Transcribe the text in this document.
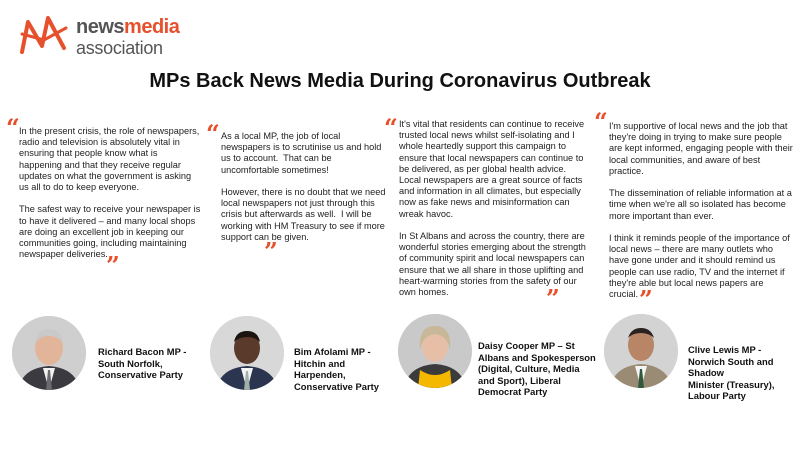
newsmedia
association
MPs Back News Media During Coronavirus Outbreak
“ In the present crisis, the role of newspapers, radio and television is absolutely vital in ensuring that people know what is happening and that they receive regular updates on what the government is asking us all to do to keep everyone.

The safest way to receive your newspaper is to have it delivered – and many local shops are doing an excellent job in keeping our communities going, including maintaining newspaper deliveries.
”
“ As a local MP, the job of local newspapers is to scrutinise us and hold us to account.  That can be uncomfortable sometimes!

However, there is no doubt that we need local newspapers not just through this crisis but afterwards as well.  I will be working with HM Treasury to see if more support can be given.
”
“ It's vital that residents can continue to receive trusted local news whilst self-isolating and I whole heartedly support this campaign to ensure that local newspapers can continue to be delivered, as per global health advice. Local newspapers are a great source of facts and information in all climates, but especially now as fake news and misinformation can wreak havoc.

In St Albans and across the country, there are wonderful stories emerging about the strength of community spirit and local newspapers can ensure that we all share in those uplifting and heart-warming stories from the safety of our own homes.	”
“ I'm supportive of local news and the job that they're doing in trying to make sure people are kept informed, engaging people with their local communities, and aware of best practice.

The dissemination of reliable information at a time when we're all so isolated has become more important than ever.

I think it reminds people of the importance of local news – there are many outlets who have gone under and it should remind us people can use radio, TV and the internet if they're able but local news papers are crucial. ”
Richard Bacon MP -
South Norfolk,
Conservative Party
Bim Afolami MP -
Hitchin and
Harpenden,
Conservative Party
Daisy Cooper MP – St
Albans and Spokesperson
(Digital, Culture, Media
and Sport), Liberal
Democrat Party
Clive Lewis MP -
Norwich South and
Shadow
Minister (Treasury),
Labour Party
